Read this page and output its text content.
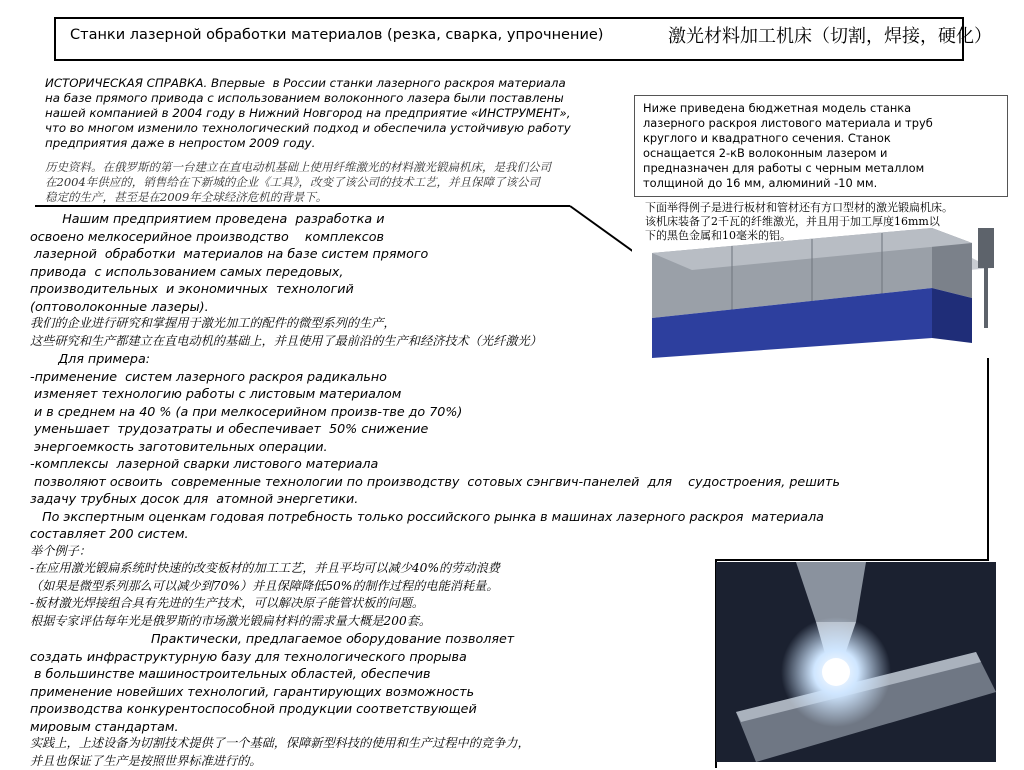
Станки лазерной обработки материалов (резка, сварка, упрочнение)	激光材料加工机床（切割，焊接，硬化）
ИСТОРИЧЕСКАЯ СПРАВКА. Впервые  в России станки лазерного раскроя материала
на базе прямого привода с использованием волоконного лазера были поставлены
нашей компанией в 2004 году в Нижний Новгород на предприятие «ИНСТРУМЕНТ»,
что во многом изменило технологический подход и обеспечила устойчивую работу
предприятия даже в непростом 2009 году.
历史资料。在俄罗斯的第一台建立在直电动机基础上使用纤维激光的材料激光锻扁机床，是我们公司
在2004年供应的，销售给在下新城的企业《工具》，改变了该公司的技术工艺，并且保障了该公司
稳定的生产，甚至是在2009年全球经济危机的背景下。
Ниже приведена бюджетная модель станка
лазерного раскроя листового материала и труб
круглого и квадратного сечения. Станок
оснащается 2-кВ волоконным лазером и
предназначен для работы с черным металлом
толщиной до 16 мм, алюминий -10 мм.
下面举得例子是进行板材和管材还有方口型材的激光锻扁机床。
该机床装备了2千瓦的纤维激光，并且用于加工厚度16mm以
下的黑色金属和10毫米的铝。
Нашим предприятием проведена  разработка и
освоено мелкосерийное производство    комплексов
лазерной  обработки  материалов на базе систем прямого
привода  с использованием самых передовых,
производительных  и экономичных  технологий
(оптоволоконные лазеры).
我们的企业进行研究和掌握用于激光加工的配件的微型系列的生产，
这些研究和生产都建立在直电动机的基础上，并且使用了最前沿的生产和经济技术（光纤激光）
Для примера:
-применение  систем лазерного раскроя радикально
изменяет технологию работы с листовым материалом
и в среднем на 40 % (а при мелкосерийном произв-тве до 70%)
уменьшает  трудозатраты и обеспечивает  50% снижение
энергоемкость заготовительных операции.
-комплексы  лазерной сварки листового материала
позволяют освоить  современные технологии по производству  сотовых сэнгвич-панелей  для    судостроения, решить
задачу трубных досок для  атомной энергетики.
По экспертным оценкам годовая потребность только российского рынка в машинах лазерного раскроя  материала
составляет 200 систем.
举个例子：
-在应用激光锻扁系统时快速的改变板材的加工工艺，并且平均可以减少40%的劳动浪费
（如果是微型系列那么可以减少到70%）并且保障降低50%的制作过程的电能消耗量。
-板材激光焊接组合具有先进的生产技术，可以解决原子能管状板的问题。
根据专家评估每年光是俄罗斯的市场激光锻扁材料的需求量大概是200套。
Практически, предлагаемое оборудование позволяет
создать инфраструктурную базу для технологического прорыва
в большинстве машиностроительных областей, обеспечив
применение новейших технологий, гарантирующих возможность
производства конкурентоспособной продукции соответствующей
мировым стандартам.
实践上，上述设备为切割技术提供了一个基础，保障新型科技的使用和生产过程中的竞争力，
并且也保证了生产是按照世界标准进行的。
